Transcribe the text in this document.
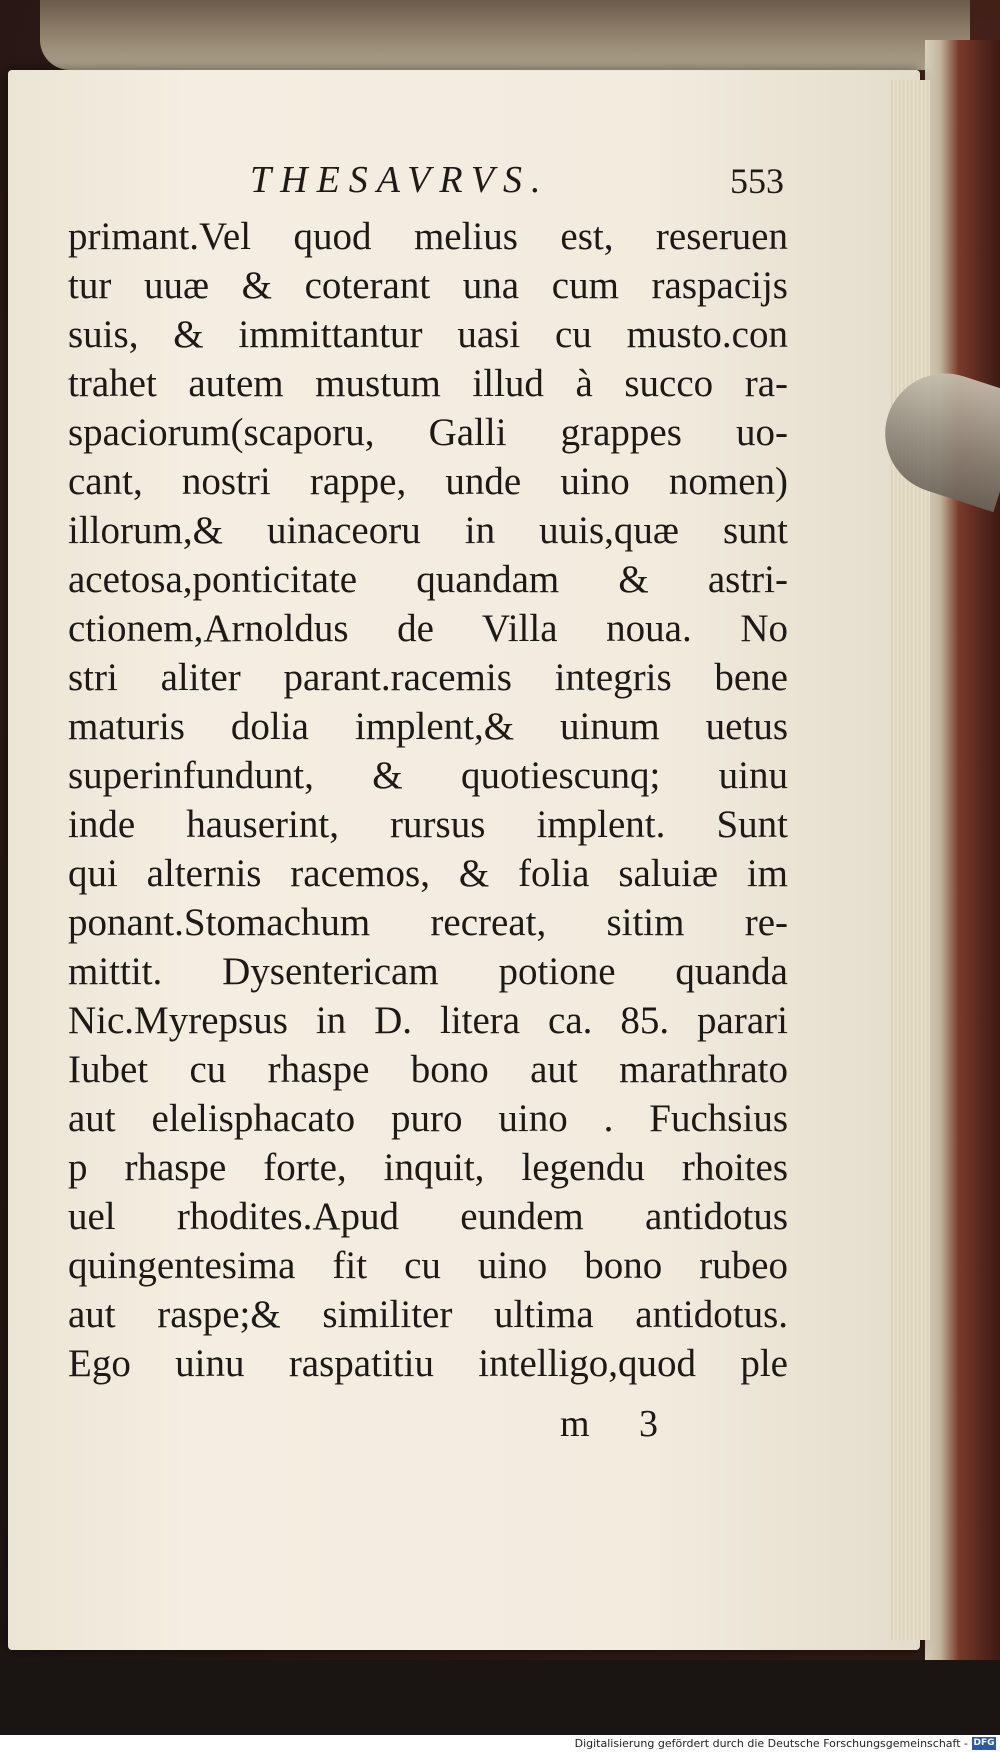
THESAVRVS.	553
primant.Vel quod melius est, reseruen
tur uuæ & coterant una cum raspacijs
suis, & immittantur uasi cu musto.con
trahet autem mustum illud à succo ra-
spaciorum(scaporu, Galli grappes uo-
cant, nostri rappe, unde uino nomen)
illorum,& uinaceoru in uuis,quæ sunt
acetosa,ponticitate quandam & astri-
ctionem,Arnoldus de Villa noua. No
stri aliter parant.racemis integris bene
maturis dolia implent,& uinum uetus
superinfundunt, & quotiescunq; uinu
inde hauserint, rursus implent. Sunt
qui alternis racemos, & folia saluiæ im
ponant.Stomachum recreat, sitim re-
mittit. Dysentericam potione quanda
Nic.Myrepsus in D. litera ca. 85. parari
Iubet cu rhaspe bono aut marathrato
aut elelisphacato puro uino . Fuchsius
p rhaspe forte, inquit, legendu rhoites
uel rhodites.Apud eundem antidotus
quingentesima fit cu uino bono rubeo
aut raspe;& similiter ultima antidotus.
Ego uinu raspatitiu intelligo,quod ple
m 3
Digitalisierung gefördert durch die Deutsche Forschungsgemeinschaft - DFG
